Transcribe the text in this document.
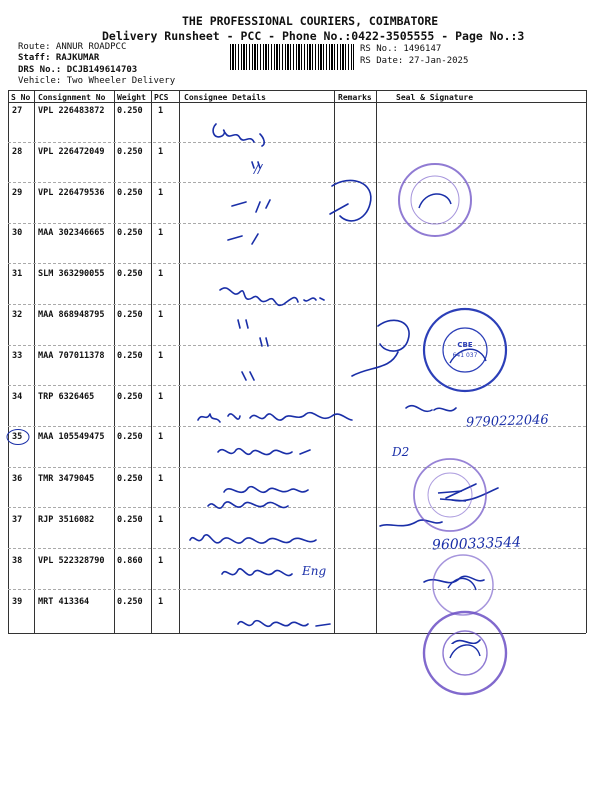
THE PROFESSIONAL COURIERS, COIMBATORE
Delivery Runsheet - PCC - Phone No.:0422-3505555 - Page No.:3
Route: ANNUR ROADPCC
Staff: RAJKUMAR
DRS No.: DCJB149614703
Vehicle: Two Wheeler Delivery
RS No.: 1496147
RS Date: 27-Jan-2025
S No Consignment No Weight PCS Consignee Details	Remarks	Seal & Signature
27 VPL 226483872 0.250 1
28 VPL 226472049 0.250 1
29 VPL 226479536 0.250 1
30 MAA 302346665 0.250 1
31 SLM 363290055 0.250 1
32 MAA 868948795 0.250 1
33 MAA 707011378 0.250 1
34 TRP 6326465	0.250 1
35 MAA 105549475 0.250 1
36 TMR 3479045	0.250 1
37 RJP 3516082	0.250 1
38 VPL 522328790 0.860 1
39 MRT 413364	0.250 1
9790222046
9600333544
Eng
D2
//
CBE
641 037
